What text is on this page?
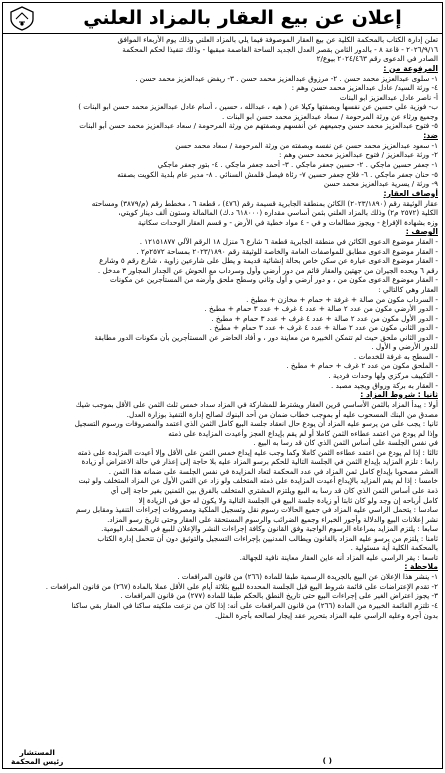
إعلان عن بيع العقار بالمزاد العلني
تعلن إدارة الكتاب بالمحكمة الكلية عن بيع العقار الموصوفة فيما يلي بالمزاد العلني وذلك يوم الأربعاء الموافق
٢٠٢٦/٩/١٦ - قاعة ٨ - بالدور الثامن بقصر العدل الجديد الساحة القاصمة مبقبها - وذلك تنفيذا لحكم المحكمة
الصادر في الدعوى رقم ٢٠٢٤/٤٦٣ بيوع/٢
المرفوعة من :
١- سلوى عبدالعزيز محمد حسن . ٢- مرزوق عبدالعزيز محمد حسن . ٣- ريفض عبدالعزيز محمد حسن .
٤- ورثة السيد/ عادل عبدالعزيز محمد حسن وهم :
أ- ناصر عادل عبدالعزيز ابو البنات
ب- فوزية علي حسين عن نفسها وبصفتها وكيلا عن ( هيه ، عبدالله ، حسين ، أسام عادل عبدالعزيز محمد حسن ابو البنات )
وجميع ورثاء عن ورثة المرحومة / سعاد عبدالعزيز محمد حسن ابو البنات .
٥- فتوح عبدالعزيز محمد حسن وجميعهم عن أنفسهم وبصفتهم من ورثة المرحومة / سعاد عبدالعزيز محمد حسن أبو البنات
ضد:
١- سعود عبدالعزيز محمد حسن عن نفسه وبصفته من ورثة المرحومة / سعاد محمد حسن
٢- ورثة عبدالعزيز / فتوح عبدالعزيز محمد حسن وهم :
١- جعفر حسين ماجكي . ٢- حسين جعفر ماجكي . ٣- أحمد جعفر ماجكي . ٤- بتور جعفر ماجكي
٥- حنان جعفر ماجكي . ٦- فلاح جعفر حسين ٧- رئاة فيصل قلمش السنائي . ٨- مدير عام بلدية الكويت بصفته
٩- ورثة / يسرية عبدالعزيز محمد حسن
أوصاف العقار:
عقار الوثيقة رقم (٢٠٢٣/١٨٩٠) الكائن بمنطقة الجابرية قسيمة رقم (٤٧٦) ، قطعة ٦ ، مخطط رقم (م/٣٨٧٩) ومساحته
الكلية (٢٥٧٢ م٢) وذلك بالمزاد العلني بثمن أساسي مقداره (٦١٨٠٠٠ د.ك) المالمالة وستون ألف دينار كويتي،
وزه بشهادة الإفراغ - ويجوز مطالعات و في - ٤ مواد خطية في الأرض - و قسم العقار الوحدات سكانية
الوصف :
- العقار موضوع الدعوى الكائن في منطقة الجابرية قطعة ٦ شارع ٦ منزل ١٨ الرقم الآلي ١٢١٥١٨٧٧ .
- العقار موضوع الدعوى مطابق للمواصفات العامة والخاصة للوثيقة رقم ٢٠٢٣/١٨٩٠ بمساحة ٢٥٧٢م٢ .
- العقار موضوع الدعوى عبارة عن سكن خاص بحالة إنشائية قديمة و يطل على شارعين زاوية ، شارع رقم ٥ وشارع
رقم ٦ ويحده الجيران من جهتين والعقار قائم من دور أرضي وأول وسرداب مع الحوش عن الجدار المجاور ٣ مدخل .
- العقار موضوع الدعوى مكون من ، و دور أرضي و أول وثاني وسطح ملحق وأرضه من المستأجرين عن مكونات
العقار وهي كالتالي :
- السرداب مكون من صالة + غرفة + حمام + مخازن + مطبخ .
- الدور الأرضي مكون من عدد ٢ صالة + عدد ٤ غرف + عدد ٣ حمام + مطبخ .
- الدور الأول مكون من عدد ٢ صالة + عدد ٤ غرف + عدد ٣ حمام + مطبخ .
- الدور الثاني مكون من عدد ٢ صالة + عدد ٤ غرف + عدد ٣ حمام + مطبخ .
- الدور الثاني ملحق حيث لم تتمكن الخبيرة من معاينة دور ، و أفاد الحاضر عن المستأجرين بأن مكونات الدور مطابقة
للدور الأرضي و الأول .
- السطح به غرفة للخدمات .
- الملحق مكون من عدد ٢ غرف + حمام + مطبخ .
- التكييف مركزي ولها وحدات فردية .
- العقار به بركة ورواق ويجيد مصبد .
ثانيا : شروط المزاد :
أولا : يبدأ المزاد بالثمن الأساسي قرين العقار ويشترط للمشاركة في المزاد سداد خمس ثلث الثمن على الأقل بموجب شيك
مصدق من البنك المسحوب عليه أو بموجب خطاب ضمان من أحد البنوك لصالح إدارة التنفيذ بوزارة العدل.
ثانيا : يجب على من يرسو عليه المزاد أن يودع حال انعقاد جلسة البيع كامل الثمن الذي اعتمد والمصروفات ورسوم التسجيل
وإذا لم يودع من اعتمد عطاءه الثمن كاملا أو لم يقم بإيداع العجز وأعيدت المزايدة على ذمته
في نفس الجلسة على أساس الثمن الذي كان قد رسا به البيع .
ثالثا : إذا لم يودع من اعتمد عطاءه الثمن كاملا وكما وجب عليه إيداع خمس الثمن على الأقل وإلا أعيدت المزايدة على ذمته
رابعا : تلزم المزايد بإيداع الثمن في الجلسة التالية للحكم برسو المزاد عليه بلا حاجة إلى إعذار في حالة الاعتراض أو زيادة
العشر مصحوبا بإيداع كامل ثمن المزاد في عدد المحكمة لتعاد المزايدة في نفس الجلسة على ضمانه هذا الثمن .
خامسا : إذا لم يقم المزايد بالإيداع أعيدت المزايدة على ذمته المتخلف ولو زاد عن الثمن الأول عن المزاد المتخلف ولو ثبت
ذمة على أساس الثمن الذي كان قد رسا به البيع ويلتزم المشتري المتخلف بالفرق بين الثمنين بغير حاجة إلى أي
كامل أرباحه إن وجد ولو كان ثابتا أو زيادة جلسة البيع في الجلسة التالية ولا يكون له حق في الزيادة إلا
سادسا : يتحمل الراسي عليه المزاد في جميع الحالات رسوم نقل وتسجيل الملكية ومصروفات إجراءات التنفيذ ومقابل رسم
نشر إعلانات البيع والدلالة وأجور الخبراء وجميع الضرائب والرسوم المستحقة على العقار وحتى تاريخ رسو المزاد.
سابعا : يلتزم المزايد بمراعاة الرسوم الواجبة وفق القانون وكافة إجراءات النشر والإعلان للبيع في الصحف اليومية.
ثامنا : يلتزم من يرسو عليه المزاد بالقانون ويطالب المدنيين بإجراءات التسجيل والتوثيق دون أن تتحمل إدارة الكتاب
بالمحكمة الكلية أية مسئولية .
تاسعا : يقر الراسي عليه المزاد أنه عاين العقار معاينة نافية للجهالة.
ملاحظة :
١- ينشر هذا الإعلان عن البيع بالجريدة الرسمية طبقا للمادة (٢٦٦) من قانون المرافعات .
٢- تقدم الإعتراضات على قائمة شروط البيع قبل الجلسة المحددة للبيع بثلاثة أيام على الأقل عملا بالمادة (٢٦٧) من قانون المرافعات .
٣- يجوز اعتراض الغير على إجراءات البيع حتى تاريخ النطق بالحكم طبقا للمادة (٢٧٧) من قانون المرافعات .
٤- تلتزم القائمة الخبيرة من المادة (٢٦٦) من قانون المرافعات على أنه: إذا كان من نزعت ملكيته ساكنا في العقار بقي ساكنا
بدون أجرة وعليه الراسي عليه المزاد بتحرير عقد إيجار لصالحه بأجرة المثل.
المستشار
رئيس المحكمة	( )
